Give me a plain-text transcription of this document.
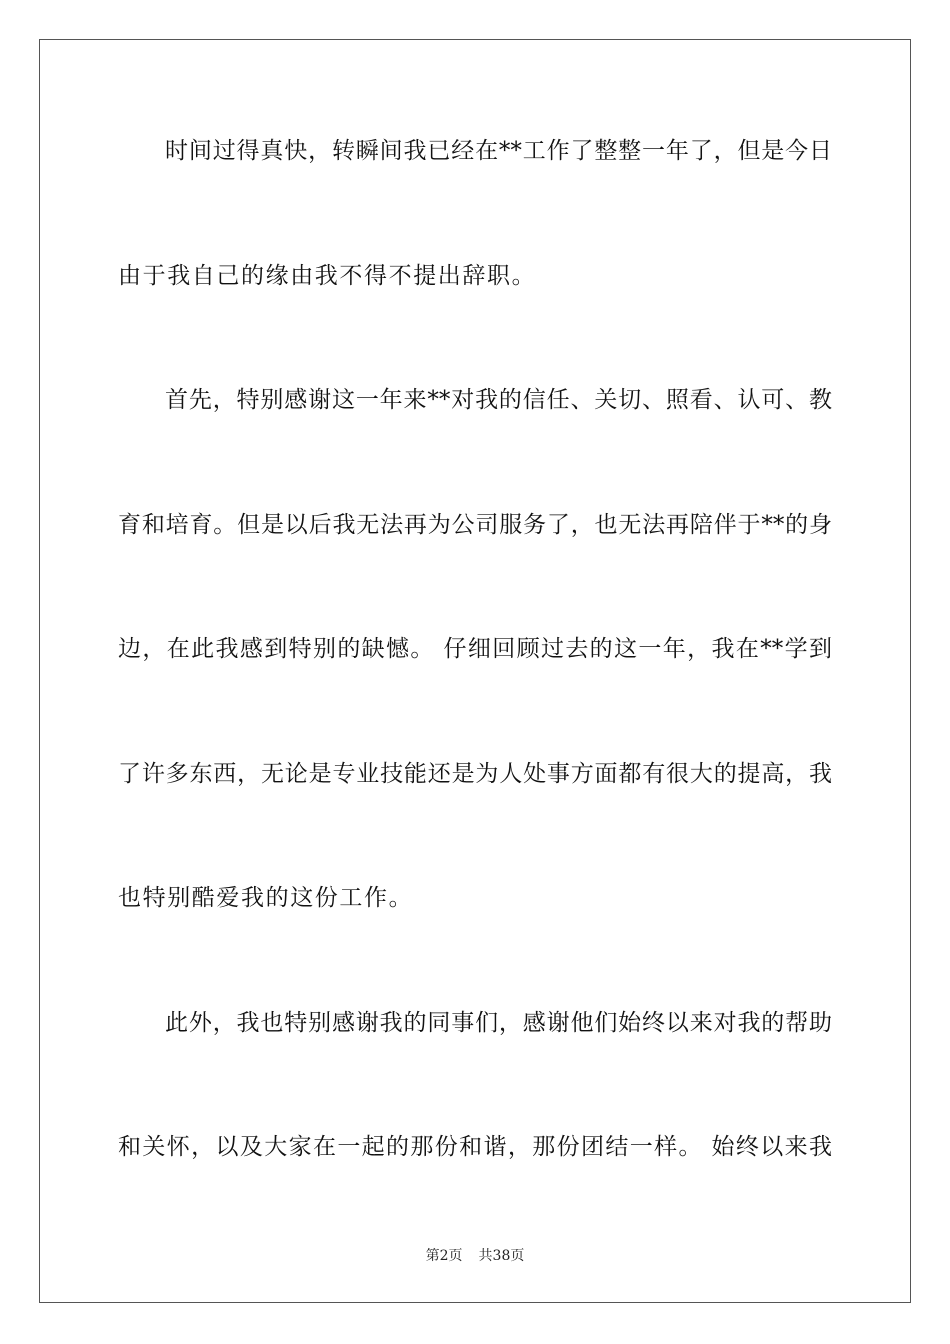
时间过得真快，转瞬间我已经在**工作了整整一年了，但是今日
由于我自己的缘由我不得不提出辞职。
首先，特别感谢这一年来**对我的信任、关切、照看、认可、教
育和培育。但是以后我无法再为公司服务了，也无法再陪伴于**的身
边，在此我感到特别的缺憾。 仔细回顾过去的这一年，我在**学到
了许多东西，无论是专业技能还是为人处事方面都有很大的提高，我
也特别酷爱我的这份工作。
此外，我也特别感谢我的同事们，感谢他们始终以来对我的帮助
和关怀，以及大家在一起的那份和谐，那份团结一样。 始终以来我
第2页 共38页
